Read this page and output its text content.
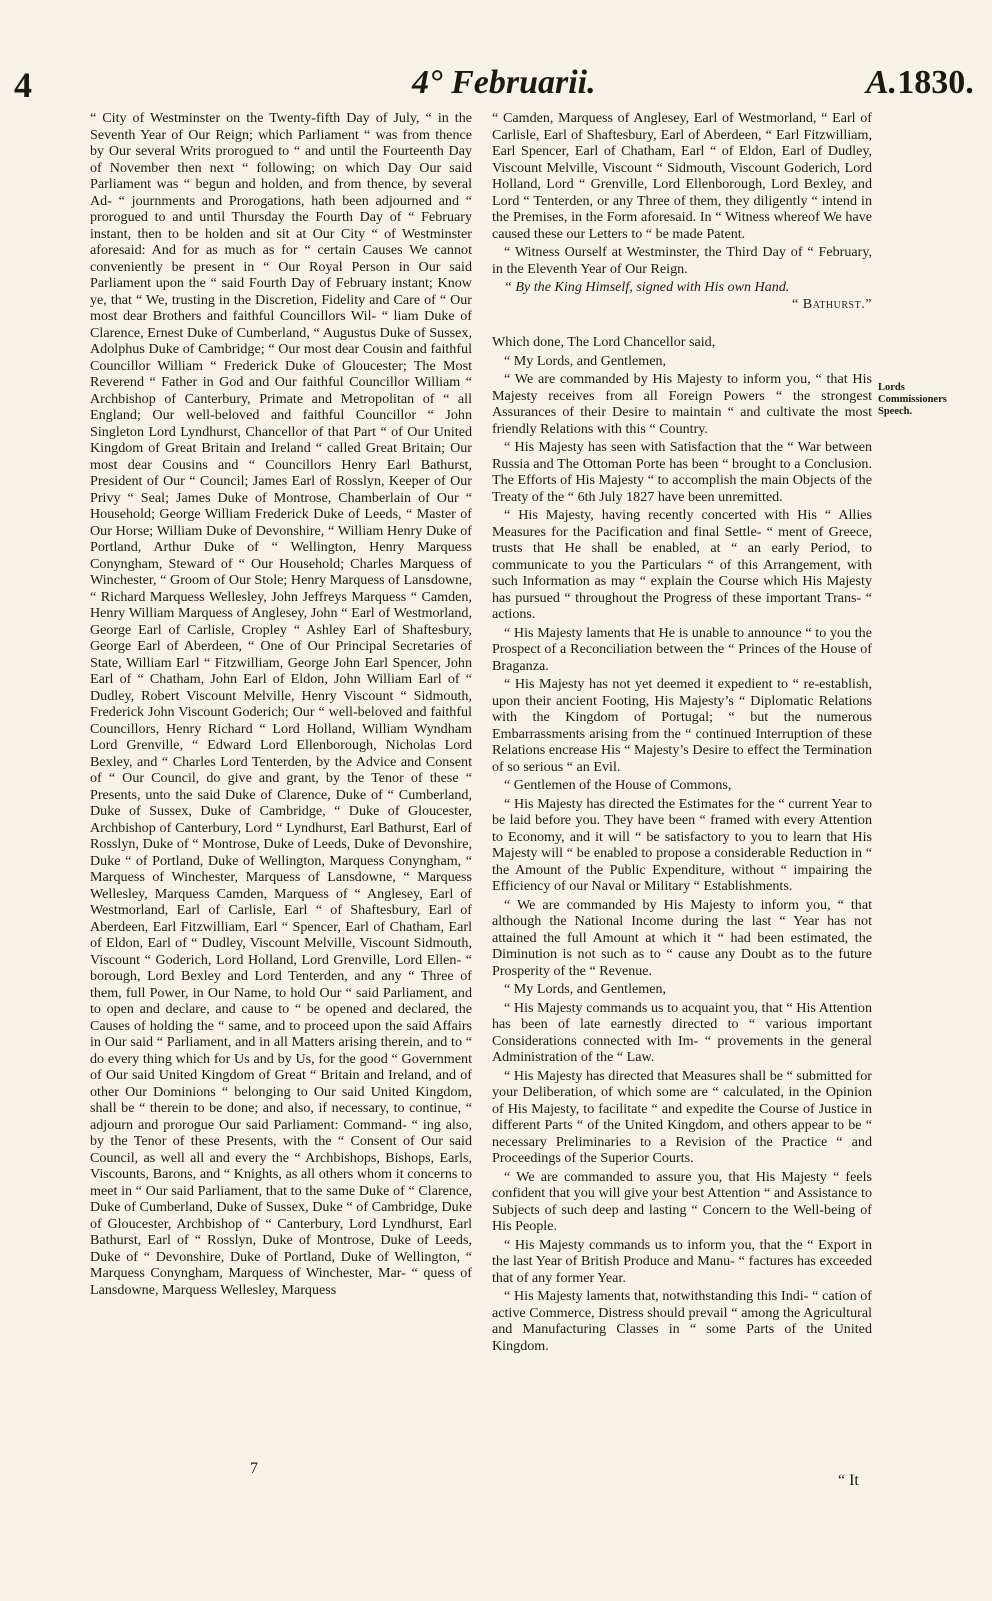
4	4° Februarii.	A.1830.

“ City of Westminster on the Twenty-fifth Day of July, “ in the Seventh Year of Our Reign; which Parliament “ was from thence by Our several Writs prorogued to “ and until the Fourteenth Day of November then next “ following; on which Day Our said Parliament was “ begun and holden, and from thence, by several Ad- “ journments and Prorogations, hath been adjourned and “ prorogued to and until Thursday the Fourth Day of “ February instant, then to be holden and sit at Our City “ of Westminster aforesaid: And for as much as for “ certain Causes We cannot conveniently be present in “ Our Royal Person in Our said Parliament upon the “ said Fourth Day of February instant; Know ye, that “ We, trusting in the Discretion, Fidelity and Care of “ Our most dear Brothers and faithful Councillors Wil- “ liam Duke of Clarence, Ernest Duke of Cumberland, “ Augustus Duke of Sussex, Adolphus Duke of Cambridge; “ Our most dear Cousin and faithful Councillor William “ Frederick Duke of Gloucester; The Most Reverend “ Father in God and Our faithful Councillor William “ Archbishop of Canterbury, Primate and Metropolitan of “ all England; Our well-beloved and faithful Councillor “ John Singleton Lord Lyndhurst, Chancellor of that Part “ of Our United Kingdom of Great Britain and Ireland “ called Great Britain; Our most dear Cousins and “ Councillors Henry Earl Bathurst, President of Our “ Council; James Earl of Rosslyn, Keeper of Our Privy “ Seal; James Duke of Montrose, Chamberlain of Our “ Household; George William Frederick Duke of Leeds, “ Master of Our Horse; William Duke of Devonshire, “ William Henry Duke of Portland, Arthur Duke of “ Wellington, Henry Marquess Conyngham, Steward of “ Our Household; Charles Marquess of Winchester, “ Groom of Our Stole; Henry Marquess of Lansdowne, “ Richard Marquess Wellesley, John Jeffreys Marquess “ Camden, Henry William Marquess of Anglesey, John “ Earl of Westmorland, George Earl of Carlisle, Cropley “ Ashley Earl of Shaftesbury, George Earl of Aberdeen, “ One of Our Principal Secretaries of State, William Earl “ Fitzwilliam, George John Earl Spencer, John Earl of “ Chatham, John Earl of Eldon, John William Earl of “ Dudley, Robert Viscount Melville, Henry Viscount “ Sidmouth, Frederick John Viscount Goderich; Our “ well-beloved and faithful Councillors, Henry Richard “ Lord Holland, William Wyndham Lord Grenville, “ Edward Lord Ellenborough, Nicholas Lord Bexley, and “ Charles Lord Tenterden, by the Advice and Consent of “ Our Council, do give and grant, by the Tenor of these “ Presents, unto the said Duke of Clarence, Duke of “ Cumberland, Duke of Sussex, Duke of Cambridge, “ Duke of Gloucester, Archbishop of Canterbury, Lord “ Lyndhurst, Earl Bathurst, Earl of Rosslyn, Duke of “ Montrose, Duke of Leeds, Duke of Devonshire, Duke “ of Portland, Duke of Wellington, Marquess Conyngham, “ Marquess of Winchester, Marquess of Lansdowne, “ Marquess Wellesley, Marquess Camden, Marquess of “ Anglesey, Earl of Westmorland, Earl of Carlisle, Earl “ of Shaftesbury, Earl of Aberdeen, Earl Fitzwilliam, Earl “ Spencer, Earl of Chatham, Earl of Eldon, Earl of “ Dudley, Viscount Melville, Viscount Sidmouth, Viscount “ Goderich, Lord Holland, Lord Grenville, Lord Ellen- “ borough, Lord Bexley and Lord Tenterden, and any “ Three of them, full Power, in Our Name, to hold Our “ said Parliament, and to open and declare, and cause to “ be opened and declared, the Causes of holding the “ same, and to proceed upon the said Affairs in Our said “ Parliament, and in all Matters arising therein, and to “ do every thing which for Us and by Us, for the good “ Government of Our said United Kingdom of Great “ Britain and Ireland, and of other Our Dominions “ belonging to Our said United Kingdom, shall be “ therein to be done; and also, if necessary, to continue, “ adjourn and prorogue Our said Parliament: Command- “ ing also, by the Tenor of these Presents, with the “ Consent of Our said Council, as well all and every the “ Archbishops, Bishops, Earls, Viscounts, Barons, and “ Knights, as all others whom it concerns to meet in “ Our said Parliament, that to the same Duke of “ Clarence, Duke of Cumberland, Duke of Sussex, Duke “ of Cambridge, Duke of Gloucester, Archbishop of “ Canterbury, Lord Lyndhurst, Earl Bathurst, Earl of “ Rosslyn, Duke of Montrose, Duke of Leeds, Duke of “ Devonshire, Duke of Portland, Duke of Wellington, “ Marquess Conyngham, Marquess of Winchester, Mar- “ quess of Lansdowne, Marquess Wellesley, Marquess

“ Camden, Marquess of Anglesey, Earl of Westmorland, “ Earl of Carlisle, Earl of Shaftesbury, Earl of Aberdeen, “ Earl Fitzwilliam, Earl Spencer, Earl of Chatham, Earl “ of Eldon, Earl of Dudley, Viscount Melville, Viscount “ Sidmouth, Viscount Goderich, Lord Holland, Lord “ Grenville, Lord Ellenborough, Lord Bexley, and Lord “ Tenterden, or any Three of them, they diligently “ intend in the Premises, in the Form aforesaid. In “ Witness whereof We have caused these our Letters to “ be made Patent.

“ Witness Ourself at Westminster, the Third Day of “ February, in the Eleventh Year of Our Reign.

“ By the King Himself, signed with His own Hand.

“ Bathurst.”

Which done, The Lord Chancellor said,

“ My Lords, and Gentlemen,

“ We are commanded by His Majesty to inform you, “ that His Majesty receives from all Foreign Powers “ the strongest Assurances of their Desire to maintain “ and cultivate the most friendly Relations with this “ Country.

“ His Majesty has seen with Satisfaction that the “ War between Russia and The Ottoman Porte has been “ brought to a Conclusion. The Efforts of His Majesty “ to accomplish the main Objects of the Treaty of the “ 6th July 1827 have been unremitted.

“ His Majesty, having recently concerted with His “ Allies Measures for the Pacification and final Settle- “ ment of Greece, trusts that He shall be enabled, at “ an early Period, to communicate to you the Particulars “ of this Arrangement, with such Information as may “ explain the Course which His Majesty has pursued “ throughout the Progress of these important Trans- “ actions.

“ His Majesty laments that He is unable to announce “ to you the Prospect of a Reconciliation between the “ Princes of the House of Braganza.

“ His Majesty has not yet deemed it expedient to “ re-establish, upon their ancient Footing, His Majesty’s “ Diplomatic Relations with the Kingdom of Portugal; “ but the numerous Embarrassments arising from the “ continued Interruption of these Relations encrease His “ Majesty’s Desire to effect the Termination of so serious “ an Evil.

“ Gentlemen of the House of Commons,

“ His Majesty has directed the Estimates for the “ current Year to be laid before you. They have been “ framed with every Attention to Economy, and it will “ be satisfactory to you to learn that His Majesty will “ be enabled to propose a considerable Reduction in “ the Amount of the Public Expenditure, without “ impairing the Efficiency of our Naval or Military “ Establishments.

“ We are commanded by His Majesty to inform you, “ that although the National Income during the last “ Year has not attained the full Amount at which it “ had been estimated, the Diminution is not such as to “ cause any Doubt as to the future Prosperity of the “ Revenue.

“ My Lords, and Gentlemen,

“ His Majesty commands us to acquaint you, that “ His Attention has been of late earnestly directed to “ various important Considerations connected with Im- “ provements in the general Administration of the “ Law.

“ His Majesty has directed that Measures shall be “ submitted for your Deliberation, of which some are “ calculated, in the Opinion of His Majesty, to facilitate “ and expedite the Course of Justice in different Parts “ of the United Kingdom, and others appear to be “ necessary Preliminaries to a Revision of the Practice “ and Proceedings of the Superior Courts.

“ We are commanded to assure you, that His Majesty “ feels confident that you will give your best Attention “ and Assistance to Subjects of such deep and lasting “ Concern to the Well-being of His People.

“ His Majesty commands us to inform you, that the “ Export in the last Year of British Produce and Manu- “ factures has exceeded that of any former Year.

“ His Majesty laments that, notwithstanding this Indi- “ cation of active Commerce, Distress should prevail “ among the Agricultural and Manufacturing Classes in “ some Parts of the United Kingdom.

Lords Commissioners Speech.
7
“ It
